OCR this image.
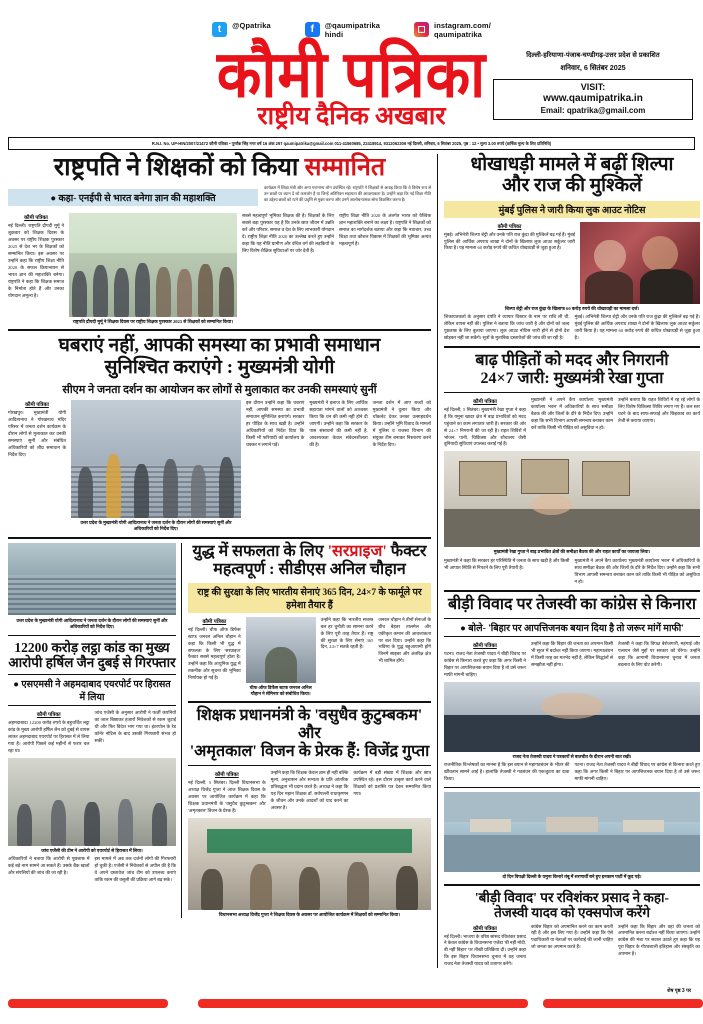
t	@Qpatrika	f	@qaumipatrika
hindi	◻	instagram.com/
qaumipatrika
कौमी पत्रिका
राष्ट्रीय दैनिक अखबार
दिल्ली-हरियाणा-पंजाब-चण्डीगढ़-उत्तर प्रदेश से प्रकाशित
शनिवार, 6 सितंबर 2025
VISIT:
www.qaumipatrika.in
Email: qpatrika@gmail.com
R.N.I. No. UP-HIN/2007/21472 कौमी पत्रिका • पूर्णांक सिंह नगर वर्ष 16 अंक 297 qaumipatrika@gmail.com 011-41560685, 22418914, 9312062306 नई दिल्ली, शनिवार, 6 सितंबर 2025, पृष्ठ : 12 • मूल्य 3.00 रुपये (वार्षिक मूल्य के लिए प्रतिनिधि)
राष्ट्रपति ने शिक्षकों को किया सम्मानित
● कहा- एनईपी से भारत बनेगा ज्ञान की महाशक्ति
कार्यक्रम में शिक्षा मंत्री और अन्य गणमान्य लोग उपस्थित रहे। राष्ट्रपति ने शिक्षकों से आग्रह किया कि वे विशेष रूप से उन छात्रों पर ध्यान दें जो कमजोर हैं या जिन्हें अतिरिक्त सहायता की आवश्यकता है। उन्होंने कहा कि नई शिक्षा नीति का उद्देश्य छात्रों को रटने की प्रवृत्ति से मुक्त करना और उनमें आलोचनात्मक सोच विकसित करना है।
कौमी पत्रिका
नई दिल्ली। राष्ट्रपति द्रौपदी मुर्मू ने शुक्रवार को शिक्षक दिवस के अवसर पर राष्ट्रीय शिक्षक पुरस्कार 2025 से देश भर के शिक्षकों को सम्मानित किया। इस अवसर पर उन्होंने कहा कि राष्ट्रीय शिक्षा नीति 2020 के सफल क्रियान्वयन से भारत ज्ञान की महाशक्ति बनेगा। राष्ट्रपति ने कहा कि शिक्षक समाज के निर्माता होते हैं और उनका योगदान अमूल्य है।
राष्ट्रपति द्रौपदी मुर्मू ने शिक्षक दिवस पर राष्ट्रीय शिक्षक पुरस्कार 2025 से शिक्षकों को सम्मानित किया।
सबसे महत्वपूर्ण भूमिका शिक्षक की है। शिक्षकों के लिए सबसे बड़ा पुरस्कार यह है कि उनके छात्र जीवन में उन्नति करें और परिवार, समाज व देश के लिए लाभकारी योगदान दें। राष्ट्रीय शिक्षा नीति 2020 का उल्लेख करते हुए उन्होंने कहा कि यह नीति ग्रामीण और वंचित वर्ग की लड़कियों के लिए विशेष शैक्षिक सुविधाओं पर जोर देती है।
राष्ट्रीय शिक्षा नीति 2020 के अंतर्गत भारत को वैश्विक ज्ञान महाशक्ति बनाने का लक्ष्य है। राष्ट्रपति ने शिक्षकों को समाज का मार्गदर्शक बताया और कहा कि नवाचार, उच्च शिक्षा तथा कौशल विकास में शिक्षकों की भूमिका अत्यंत महत्वपूर्ण है।
घबराएं नहीं, आपकी समस्या का प्रभावी समाधान
सुनिश्चित कराएंगे : मुख्यमंत्री योगी
सीएम ने जनता दर्शन का आयोजन कर लोगों से मुलाकात कर उनकी समस्याएं सुनीं
कौमी पत्रिका
गोरखपुर। मुख्यमंत्री योगी आदित्यनाथ ने गोरखनाथ मंदिर परिसर में जनता दर्शन कार्यक्रम के दौरान लोगों से मुलाकात कर उनकी समस्याएं सुनीं और संबंधित अधिकारियों को शीघ्र समाधान के निर्देश दिए।
उत्तर प्रदेश के मुख्यमंत्री योगी आदित्यनाथ ने जनता दर्शन के दौरान लोगों की समस्याएं सुनीं और अधिकारियों को निर्देश दिए।
इस दौरान उन्होंने कहा कि घबराएं नहीं, आपकी समस्या का प्रभावी समाधान सुनिश्चित कराएंगे। सरकार हर पीड़ित के साथ खड़ी है। उन्होंने अधिकारियों को निर्देश दिया कि किसी भी फरियादी को कार्यालय के चक्कर न लगाने पड़ें।
मुख्यमंत्री ने इलाज के लिए आर्थिक सहायता मांगने वालों को आश्वस्त किया कि धन की कमी नहीं होने दी जाएगी। उन्होंने कहा कि सरकार के पास संसाधनों की कमी नहीं है, आवश्यकता केवल संवेदनशीलता की है।
जनता दर्शन में आए बच्चों को मुख्यमंत्री ने दुलार किया और चॉकलेट देकर उनका उत्साहवर्धन किया। उन्होंने भूमि विवाद के मामलों में पुलिस व राजस्व विभाग की संयुक्त टीम बनाकर निस्तारण करने के निर्देश दिए।
उत्तर प्रदेश के मुख्यमंत्री योगी आदित्यनाथ ने जनता दर्शन के दौरान लोगों की समस्याएं सुनीं और अधिकारियों को निर्देश दिए।
12200 करोड़ लट्ठा कांड का मुख्य
आरोपी हर्षिल जैन दुबई से गिरफ्तार
● एसएमसी ने अहमदाबाद एयरपोर्ट पर हिरासत में लिया
कौमी पत्रिका
अहमदाबाद। 12200 करोड़ रुपये के बहुचर्चित लट्ठा कांड के मुख्य आरोपी हर्षिल जैन को दुबई से वापस लाकर अहमदाबाद एयरपोर्ट पर हिरासत में ले लिया गया है। आरोपी पिछले कई महीनों से फरार चल रहा था।
जांच एजेंसी के अनुसार आरोपी ने फर्जी कंपनियों का जाल बिछाकर हजारों निवेशकों से रकम जुटाई थी और फिर विदेश भाग गया था। इंटरपोल के रेड कॉर्नर नोटिस के बाद उसकी गिरफ्तारी संभव हो सकी।
जांच एजेंसी की टीम ने आरोपी को एयरपोर्ट से हिरासत में लिया।
अधिकारियों ने बताया कि आरोपी से पूछताछ में कई बड़े नाम सामने आ सकते हैं। उसके बैंक खातों और संपत्तियों की जांच की जा रही है।
इस मामले में अब तक दर्जनों लोगों की गिरफ्तारी हो चुकी है। एजेंसी ने निवेशकों से अपील की है कि वे अपने दस्तावेज जांच टीम को उपलब्ध कराएं ताकि रकम की वसूली की प्रक्रिया आगे बढ़ सके।
युद्ध में सफलता के लिए 'सरप्राइज' फैक्टर
महत्वपूर्ण : सीडीएस अनिल चौहान
राष्ट्र की सुरक्षा के लिए भारतीय सेनाएं 365 दिन, 24×7 के फार्मूले पर हमेशा तैयार हैं
कौमी पत्रिका
नई दिल्ली। चीफ ऑफ डिफेंस स्टाफ जनरल अनिल चौहान ने कहा कि किसी भी युद्ध में सफलता के लिए 'सरप्राइज' फैक्टर सबसे महत्वपूर्ण होता है। उन्होंने कहा कि आधुनिक युद्ध में तकनीक और सूचना की भूमिका निर्णायक हो गई है।
चीफ ऑफ डिफेंस स्टाफ जनरल अनिल चौहान ने सेमिनार को संबोधित किया।
उन्होंने कहा कि भारतीय सशस्त्र बल हर चुनौती का सामना करने के लिए पूरी तरह तैयार हैं। राष्ट्र की सुरक्षा के लिए सेनाएं 365 दिन, 24×7 सतर्क रहती हैं।
जनरल चौहान ने तीनों सेनाओं के बीच बेहतर तालमेल और एकीकृत कमान की आवश्यकता पर बल दिया। उन्होंने कहा कि भविष्य के युद्ध बहुआयामी होंगे जिनमें साइबर और अंतरिक्ष क्षेत्र भी शामिल होंगे।
शिक्षक प्रधानमंत्री के 'वसुधैव कुटुम्बकम' और
'अमृतकाल' विजन के प्रेरक हैं: विजेंद्र गुप्ता
कौमी पत्रिका
नई दिल्ली, 5 सितंबर। दिल्ली विधानसभा के अध्यक्ष विजेंद्र गुप्ता ने आज शिक्षक दिवस के अवसर पर आयोजित कार्यक्रम में कहा कि शिक्षक प्रधानमंत्री के 'वसुधैव कुटुम्बकम' और 'अमृतकाल' विजन के प्रेरक हैं।
उन्होंने कहा कि शिक्षक केवल ज्ञान ही नहीं बल्कि मूल्य, अनुशासन और सभ्यता के प्रति आंतरिक प्रतिबद्धता भी प्रदान करते हैं। अध्यक्ष ने कहा कि यह दिन महान शिक्षक डॉ. सर्वपल्ली राधाकृष्णन के जीवन और उनके आदर्शों को याद करने का अवसर है।
कार्यक्रम में बड़ी संख्या में शिक्षक और छात्र उपस्थित रहे। इस दौरान उत्कृष्ट कार्य करने वाले शिक्षकों को प्रशस्ति पत्र देकर सम्मानित किया गया।
विधानसभा अध्यक्ष विजेंद्र गुप्ता ने शिक्षक दिवस के अवसर पर आयोजित कार्यक्रम में शिक्षकों को सम्मानित किया।
धोखाधड़ी मामले में बढ़ीं शिल्पा
और राज की मुश्किलें
मुंबई पुलिस ने जारी किया लुक आउट नोटिस
कौमी पत्रिका
मुंबई। अभिनेत्री शिल्पा शेट्टी और उनके पति राज कुंद्रा की मुश्किलें बढ़ गई हैं। मुंबई पुलिस की आर्थिक अपराध शाखा ने दोनों के खिलाफ लुक आउट सर्कुलर जारी किया है। यह मामला 60 करोड़ रुपये की कथित धोखाधड़ी से जुड़ा हुआ है।
शिल्पा शेट्टी और राज कुंद्रा के खिलाफ 60 करोड़ रुपये की धोखाधड़ी का मामला दर्ज।
शिकायतकर्ता के अनुसार दंपति ने व्यापार विस्तार के नाम पर राशि ली थी, लेकिन वापस नहीं की। पुलिस ने बताया कि जांच जारी है और दोनों को जल्द पूछताछ के लिए बुलाया जाएगा। लुक आउट नोटिस जारी होने से दोनों देश छोड़कर नहीं जा सकेंगे। सूत्रों के मुताबिक दस्तावेजों की जांच की जा रही है।
मुंबई। अभिनेत्री शिल्पा शेट्टी और उनके पति राज कुंद्रा की मुश्किलें बढ़ गई हैं। मुंबई पुलिस की आर्थिक अपराध शाखा ने दोनों के खिलाफ लुक आउट सर्कुलर जारी किया है। यह मामला 60 करोड़ रुपये की कथित धोखाधड़ी से जुड़ा हुआ है।
बाढ़ पीड़ितों को मदद और निगरानी
24×7 जारी: मुख्यमंत्री रेखा गुप्ता
कौमी पत्रिका
नई दिल्ली, 5 सितंबर। मुख्यमंत्री रेखा गुप्ता ने कहा है कि यमुना खादर क्षेत्र में बाढ़ प्रभावितों को मदद पहुंचाने का काम लगातार जारी है। सरकार की ओर से 24×7 निगरानी की जा रही है। राहत शिविरों में भोजन, पानी, चिकित्सा और शौचालय जैसी बुनियादी सुविधाएं उपलब्ध कराई गई हैं।
मुख्यमंत्री ने अपने कैंप कार्यालय 'मुख्यमंत्री कार्यालय भवन' में अधिकारियों के साथ समीक्षा बैठक की और जिलों के दौरे के निर्देश दिए। उन्होंने कहा कि सभी विभाग आपसी समन्वय बनाकर काम करें ताकि किसी भी पीड़ित को असुविधा न हो।
उन्होंने बताया कि राहत शिविरों में रह रहे लोगों के लिए विशेष चिकित्सा शिविर लगाए गए हैं। जल स्तर घटने के बाद साफ-सफाई और छिड़काव का कार्य तेजी से कराया जाएगा।
मुख्यमंत्री रेखा गुप्ता ने बाढ़ प्रभावित क्षेत्रों की समीक्षा बैठक की और राहत कार्यों का जायजा लिया।
मुख्यमंत्री ने कहा कि सरकार हर परिस्थिति में जनता के साथ खड़ी है और किसी भी आपात स्थिति से निपटने के लिए पूरी तैयारी है।
मुख्यमंत्री ने अपने कैंप कार्यालय 'मुख्यमंत्री कार्यालय भवन' में अधिकारियों के साथ समीक्षा बैठक की और जिलों के दौरे के निर्देश दिए। उन्होंने कहा कि सभी विभाग आपसी समन्वय बनाकर काम करें ताकि किसी भी पीड़ित को असुविधा न हो।
बीड़ी विवाद पर तेजस्वी का कांग्रेस से किनारा
● बोले- 'बिहार पर आपत्तिजनक बयान दिया है तो जरूर मांगें माफी'
कौमी पत्रिका
पटना। राजद नेता तेजस्वी यादव ने बीड़ी विवाद पर कांग्रेस से किनारा करते हुए कहा कि अगर किसी ने बिहार पर आपत्तिजनक बयान दिया है तो उसे जरूर माफी मांगनी चाहिए।
उन्होंने कहा कि बिहार की जनता का अपमान किसी भी सूरत में बर्दाश्त नहीं किया जाएगा। महागठबंधन में किसी तरह का मतभेद नहीं है, लेकिन सिद्धांतों से समझौता नहीं होगा।
तेजस्वी ने कहा कि विपक्ष बेरोजगारी, महंगाई और पलायन जैसे मुद्दों पर सरकार को घेरेगा। उन्होंने कहा कि आगामी विधानसभा चुनाव में जनता बदलाव के लिए वोट करेगी।
राजद नेता तेजस्वी यादव ने पत्रकारों से बातचीत के दौरान अपनी बात रखी।
राजनीतिक विश्लेषकों का मानना है कि इस बयान से महागठबंधन के भीतर की खींचतान सामने आई है। हालांकि तेजस्वी ने गठबंधन की एकजुटता का दावा किया।
पटना। राजद नेता तेजस्वी यादव ने बीड़ी विवाद पर कांग्रेस से किनारा करते हुए कहा कि अगर किसी ने बिहार पर आपत्तिजनक बयान दिया है तो उसे जरूर माफी मांगनी चाहिए।
दो दिन विपक्षी दिल्ली के यमुना किनारे तंबू में शरणार्थी बने हुए इनकाम पार्टी में कूद पड़े।
'बीड़ी विवाद' पर रविशंकर प्रसाद ने कहा-
तेजस्वी यादव को एक्सपोज करेंगे
कौमी पत्रिका
नई दिल्ली। भाजपा के वरिष्ठ सांसद रविशंकर प्रसाद ने केवल कांग्रेस के विधानसभा एजेंडा 'बी नहीं मोदी, बी नहीं बिहार' पर तीखी प्रतिक्रिया दी। उन्होंने कहा कि इस बिहार विधानसभा चुनाव में वह जनता राजद नेता तेजस्वी यादव को उजागर करेंगे।
कांग्रेस बिहार को अपमानित करने का काम करती रही है और इस लिए गया है। उन्होंने कहा कि ऐसे पदाधिकारी या नेताओं पर कार्रवाई की जानी चाहिए जो जनता का अपमान करते हैं।
उन्होंने कहा कि बिहार और वहां की जनता को अपमानित करना बर्दाश्त नहीं किया जाएगा। उन्होंने कांग्रेस की मंशा पर सवाल उठाते हुए कहा कि यह पूरा बिहार के गौरवशाली इतिहास और संस्कृति का अपमान है।
शेष पृष्ठ 3 पर
